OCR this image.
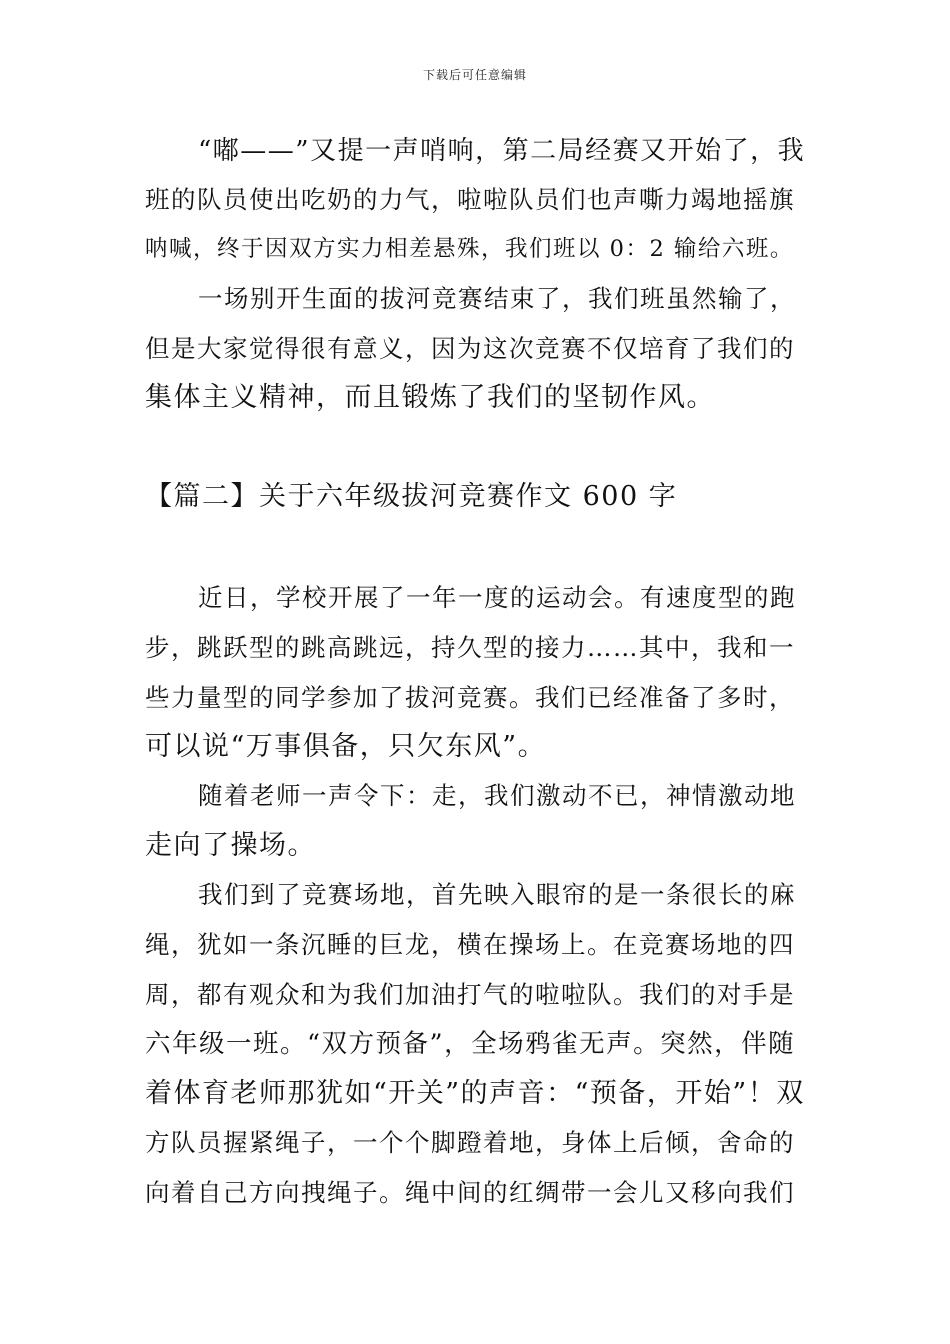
下载后可任意编辑
“嘟——”又提一声哨响，第二局经赛又开始了，我
班的队员使出吃奶的力气，啦啦队员们也声嘶力竭地摇旗
呐喊，终于因双方实力相差悬殊，我们班以 0：2 输给六班。
一场别开生面的拔河竞赛结束了，我们班虽然输了，
但是大家觉得很有意义，因为这次竞赛不仅培育了我们的
集体主义精神，而且锻炼了我们的坚韧作风。
【篇二】关于六年级拔河竞赛作文 600 字
近日，学校开展了一年一度的运动会。有速度型的跑
步，跳跃型的跳高跳远，持久型的接力……其中，我和一
些力量型的同学参加了拔河竞赛。我们已经准备了多时，
可以说“万事俱备，只欠东风”。
随着老师一声令下：走，我们激动不已，神情激动地
走向了操场。
我们到了竞赛场地，首先映入眼帘的是一条很长的麻
绳，犹如一条沉睡的巨龙，横在操场上。在竞赛场地的四
周，都有观众和为我们加油打气的啦啦队。我们的对手是
六年级一班。“双方预备”，全场鸦雀无声。突然，伴随
着体育老师那犹如“开关”的声音：“预备，开始”！双
方队员握紧绳子，一个个脚蹬着地，身体上后倾，舍命的
向着自己方向拽绳子。绳中间的红绸带一会儿又移向我们
